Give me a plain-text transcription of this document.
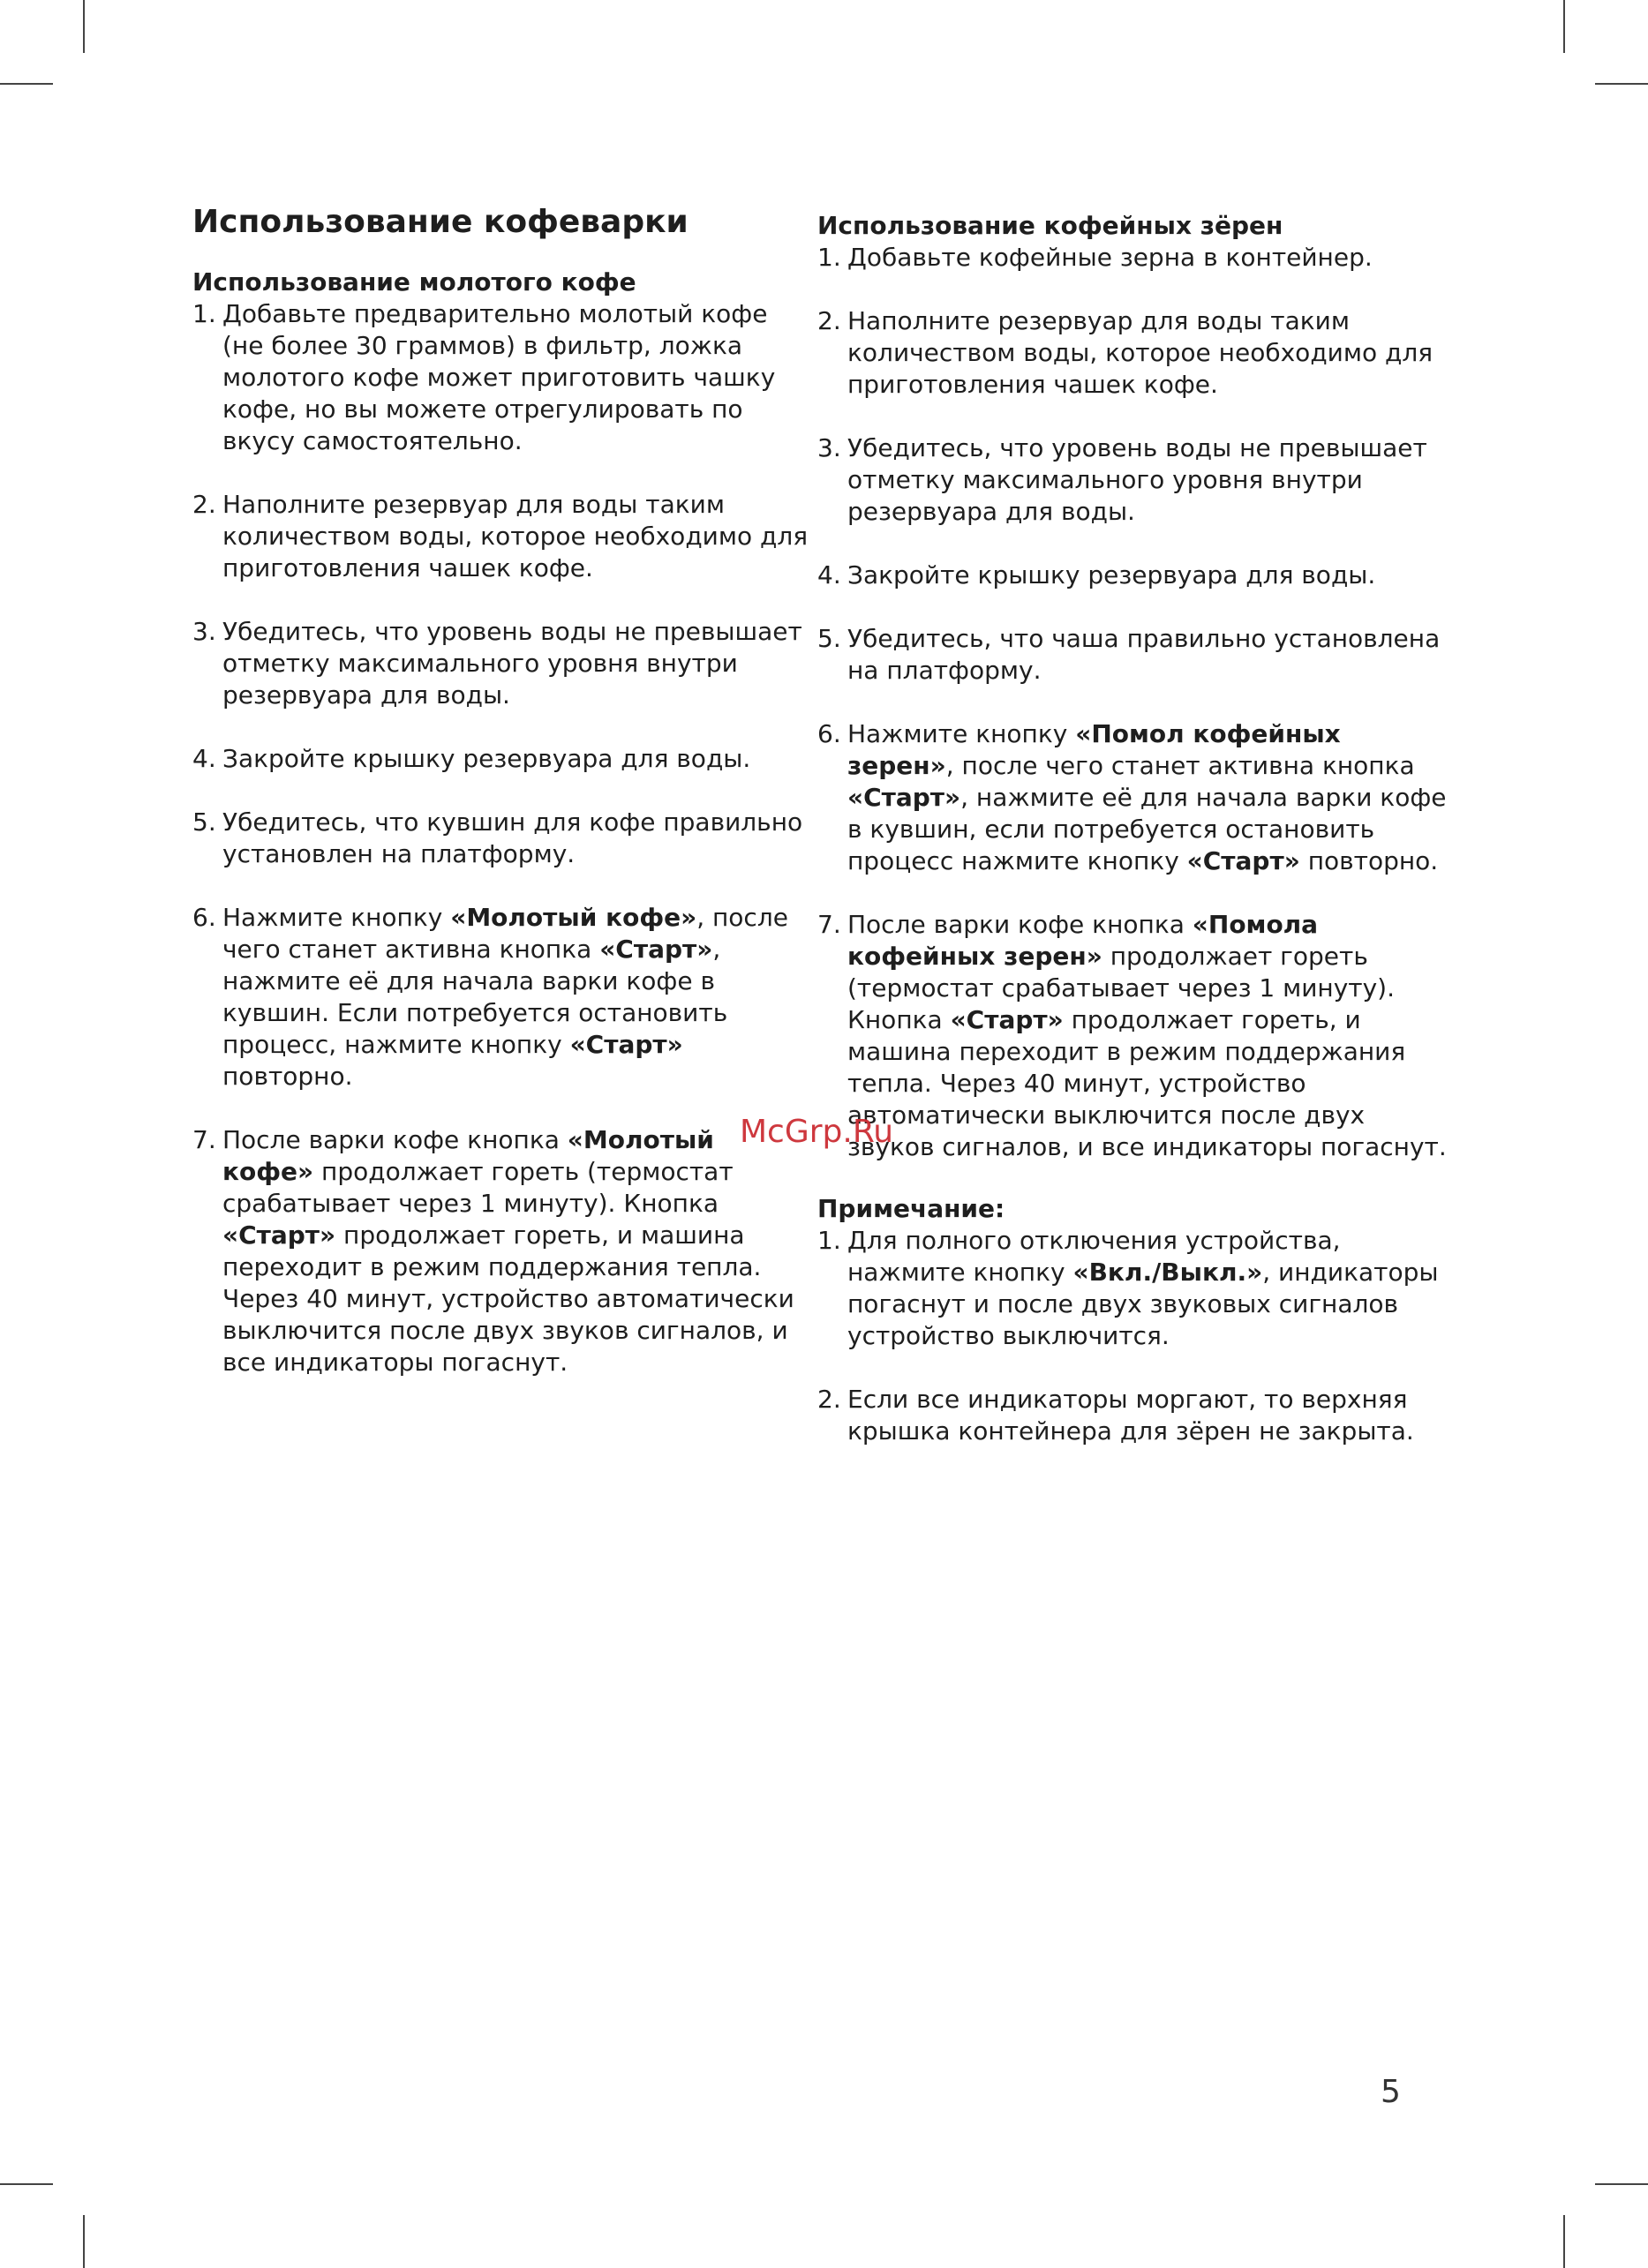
Использование кофеварки
Использование молотого кофе
1. Добавьте предварительно молотый кофе (не более 30 граммов) в фильтр, ложка молотого кофе может приготовить чашку кофе, но вы можете отрегулировать по вкусу самостоятельно.
2. Наполните резервуар для воды таким количеством воды, которое необходимо для приготовления чашек кофе.
3. Убедитесь, что уровень воды не превышает отметку максимального уровня внутри резервуара для воды.
4. Закройте крышку резервуара для воды.
5. Убедитесь, что кувшин для кофе правильно установлен на платформу.
6. Нажмите кнопку «Молотый кофе», после чего станет активна кнопка «Старт», нажмите её для начала варки кофе в кувшин. Если потребуется остановить процесс, нажмите кнопку «Старт» повторно.
7. После варки кофе кнопка «Молотый кофе» продолжает гореть (термостат срабатывает через 1 минуту). Кнопка «Старт» продолжает гореть, и машина переходит в режим поддержания тепла. Через 40 минут, устройство автоматически выключится после двух звуков сигналов, и все индикаторы погаснут.
Использование кофейных зёрен
1. Добавьте кофейные зерна в контейнер.
2. Наполните резервуар для воды таким количеством воды, которое необходимо для приготовления чашек кофе.
3. Убедитесь, что уровень воды не превышает отметку максимального уровня внутри резервуара для воды.
4. Закройте крышку резервуара для воды.
5. Убедитесь, что чаша правильно установлена на платформу.
6. Нажмите кнопку «Помол кофейных зерен», после чего станет активна кнопка «Старт», нажмите её для начала варки кофе в кувшин, если потребуется остановить процесс нажмите кнопку «Старт» повторно.
7. После варки кофе кнопка «Помола кофейных зерен» продолжает гореть (термостат срабатывает через 1 минуту). Кнопка «Старт» продолжает гореть, и машина переходит в режим поддержания тепла. Через 40 минут, устройство автоматически выключится после двух звуков сигналов, и все индикаторы погаснут.
Примечание:
1. Для полного отключения устройства, нажмите кнопку «Вкл./Выкл.», индикаторы погаснут и после двух звуковых сигналов устройство выключится.
2. Если все индикаторы моргают, то верхняя крышка контейнера для зёрен не закрыта.
McGrp.Ru
5
